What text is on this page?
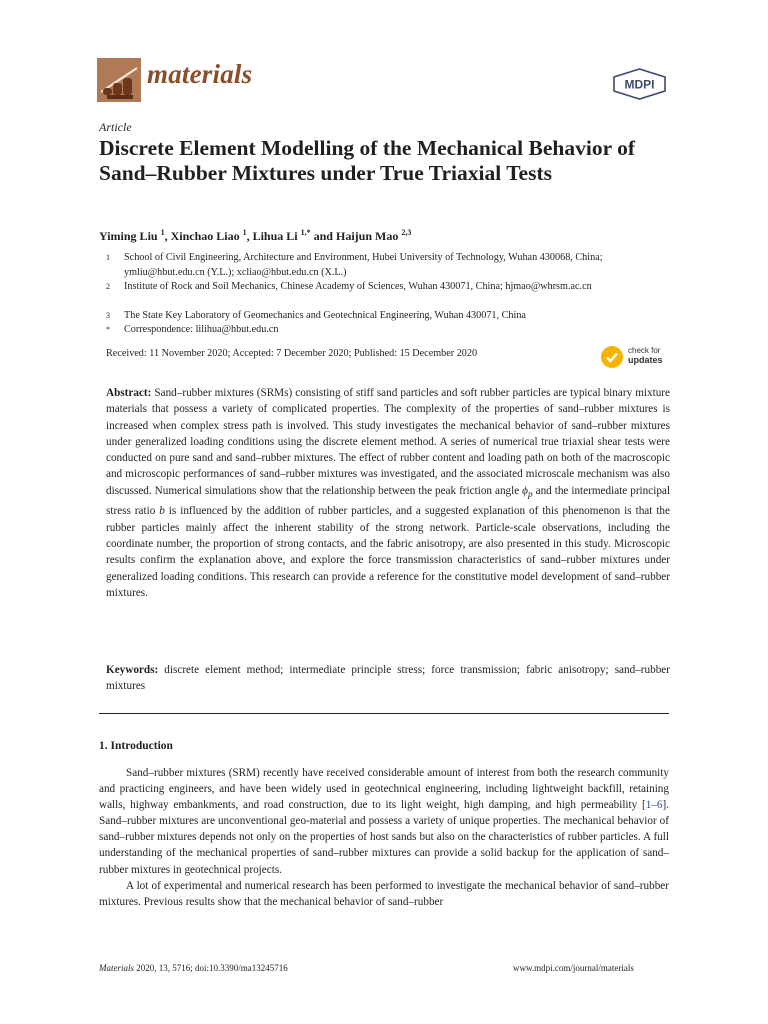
materials	MDPI
Article
Discrete Element Modelling of the Mechanical Behavior of Sand–Rubber Mixtures under True Triaxial Tests
Yiming Liu $^1$, Xinchao Liao $^1$, Lihua Li $^{1,*}$ and Haijun Mao $^{2,3}$
1 School of Civil Engineering, Architecture and Environment, Hubei University of Technology, Wuhan 430068, China; ymliu@hbut.edu.cn (Y.L.); xcliao@hbut.edu.cn (X.L.)
2 Institute of Rock and Soil Mechanics, Chinese Academy of Sciences, Wuhan 430071, China; hjmao@whrsm.ac.cn
3 The State Key Laboratory of Geomechanics and Geotechnical Engineering, Wuhan 430071, China
* Correspondence: lilihua@hbut.edu.cn
Received: 11 November 2020; Accepted: 7 December 2020; Published: 15 December 2020	check for
updates
Abstract: Sand–rubber mixtures (SRMs) consisting of stiff sand particles and soft rubber particles are typical binary mixture materials that possess a variety of complicated properties. The complexity of the properties of sand–rubber mixtures is increased when complex stress path is involved. This study investigates the mechanical behavior of sand–rubber mixtures under generalized loading conditions using the discrete element method. A series of numerical true triaxial shear tests were conducted on pure sand and sand–rubber mixtures. The effect of rubber content and loading path on both of the macroscopic and microscopic performances of sand–rubber mixtures was investigated, and the associated microscale mechanism was also discussed. Numerical simulations show that the relationship between the peak friction angle $\phi_p$ and the intermediate principal stress ratio b is influenced by the addition of rubber particles, and a suggested explanation of this phenomenon is that the rubber particles mainly affect the inherent stability of the strong network. Particle-scale observations, including the coordinate number, the proportion of strong contacts, and the fabric anisotropy, are also presented in this study. Microscopic results confirm the explanation above, and explore the force transmission characteristics of sand–rubber mixtures under generalized loading conditions. This research can provide a reference for the constitutive model development of sand–rubber mixtures.
Keywords: discrete element method; intermediate principle stress; force transmission; fabric anisotropy; sand–rubber mixtures
1. Introduction

Sand–rubber mixtures (SRM) recently have received considerable amount of interest from both the research community and practicing engineers, and have been widely used in geotechnical engineering, including lightweight backfill, retaining walls, highway embankments, and road construction, due to its light weight, high damping, and high permeability [1–6]. Sand–rubber mixtures are unconventional geo-material and possess a variety of unique properties. The mechanical behavior of sand–rubber mixtures depends not only on the properties of host sands but also on the characteristics of rubber particles. A full understanding of the mechanical properties of sand–rubber mixtures can provide a solid backup for the application of sand–rubber mixtures in geotechnical projects.

A lot of experimental and numerical research has been performed to investigate the mechanical behavior of sand–rubber mixtures. Previous results show that the mechanical behavior of sand–rubber

Materials 2020, 13, 5716; doi:10.3390/ma13245716	www.mdpi.com/journal/materials
